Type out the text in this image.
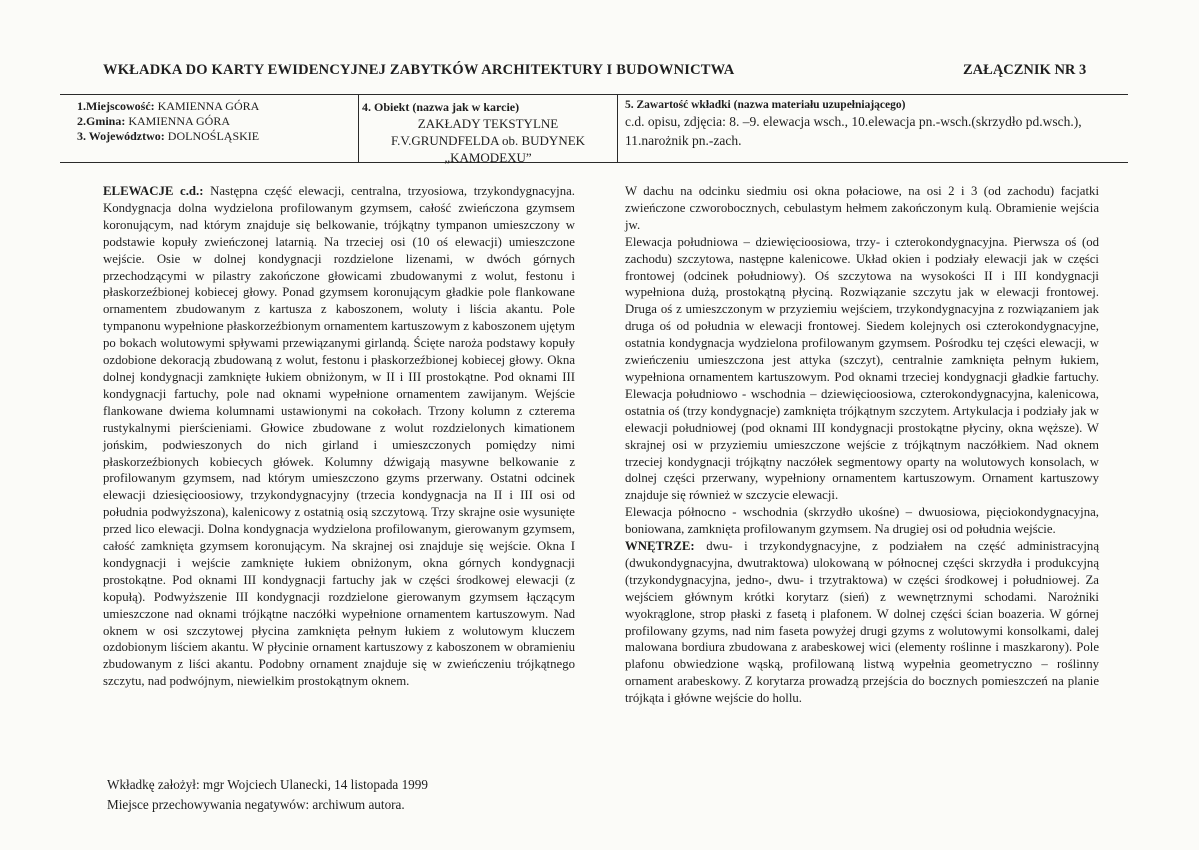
WKŁADKA DO KARTY EWIDENCYJNEJ ZABYTKÓW ARCHITEKTURY I BUDOWNICTWA	ZAŁĄCZNIK NR 3
1.Miejscowość: KAMIENNA GÓRA
2.Gmina: KAMIENNA GÓRA
3. Województwo: DOLNOŚLĄSKIE
4. Obiekt (nazwa jak w karcie)
ZAKŁADY TEKSTYLNE
F.V.GRUNDFELDA ob. BUDYNEK
„KAMODEXU”
5. Zawartość wkładki (nazwa materiału uzupełniającego)
c.d. opisu, zdjęcia: 8. –9. elewacja wsch., 10.elewacja pn.-wsch.(skrzydło pd.wsch.), 11.narożnik pn.-zach.

ELEWACJE c.d.: Następna część elewacji, centralna, trzyosiowa, trzykondygnacyjna. Kondygnacja dolna wydzielona profilowanym gzymsem, całość zwieńczona gzymsem koronującym, nad którym znajduje się belkowanie, trójkątny tympanon umieszczony w podstawie kopuły zwieńczonej latarnią. Na trzeciej osi (10 oś elewacji) umieszczone wejście. Osie w dolnej kondygnacji rozdzielone lizenami, w dwóch górnych przechodzącymi w pilastry zakończone głowicami zbudowanymi z wolut, festonu i płaskorzeźbionej kobiecej głowy. Ponad gzymsem koronującym gładkie pole flankowane ornamentem zbudowanym z kartusza z kaboszonem, woluty i liścia akantu. Pole tympanonu wypełnione płaskorzeźbionym ornamentem kartuszowym z kaboszonem ujętym po bokach wolutowymi spływami przewiązanymi girlandą. Ścięte naroża podstawy kopuły ozdobione dekoracją zbudowaną z wolut, festonu i płaskorzeźbionej kobiecej głowy. Okna dolnej kondygnacji zamknięte łukiem obniżonym, w II i III prostokątne. Pod oknami III kondygnacji fartuchy, pole nad oknami wypełnione ornamentem zawijanym. Wejście flankowane dwiema kolumnami ustawionymi na cokołach. Trzony kolumn z czterema rustykalnymi pierścieniami. Głowice zbudowane z wolut rozdzielonych kimationem jońskim, podwieszonych do nich girland i umieszczonych pomiędzy nimi płaskorzeźbionych kobiecych główek. Kolumny dźwigają masywne belkowanie z profilowanym gzymsem, nad którym umieszczono gzyms przerwany. Ostatni odcinek elewacji dziesięcioosiowy, trzykondygnacyjny (trzecia kondygnacja na II i III osi od południa podwyższona), kalenicowy z ostatnią osią szczytową. Trzy skrajne osie wysunięte przed lico elewacji. Dolna kondygnacja wydzielona profilowanym, gierowanym gzymsem, całość zamknięta gzymsem koronującym. Na skrajnej osi znajduje się wejście. Okna I kondygnacji i wejście zamknięte łukiem obniżonym, okna górnych kondygnacji prostokątne. Pod oknami III kondygnacji fartuchy jak w części środkowej elewacji (z kopułą). Podwyższenie III kondygnacji rozdzielone gierowanym gzymsem łączącym umieszczone nad oknami trójkątne naczółki wypełnione ornamentem kartuszowym. Nad oknem w osi szczytowej płycina zamknięta pełnym łukiem z wolutowym kluczem ozdobionym liściem akantu. W płycinie ornament kartuszowy z kaboszonem w obramieniu zbudowanym z liści akantu. Podobny ornament znajduje się w zwieńczeniu trójkątnego szczytu, nad podwójnym, niewielkim prostokątnym oknem.

W dachu na odcinku siedmiu osi okna połaciowe, na osi 2 i 3 (od zachodu) facjatki zwieńczone czworobocznych, cebulastym hełmem zakończonym kulą. Obramienie wejścia jw.

Elewacja południowa – dziewięcioosiowa, trzy- i czterokondygnacyjna. Pierwsza oś (od zachodu) szczytowa, następne kalenicowe. Układ okien i podziały elewacji jak w części frontowej (odcinek południowy). Oś szczytowa na wysokości II i III kondygnacji wypełniona dużą, prostokątną płyciną. Rozwiązanie szczytu jak w elewacji frontowej. Druga oś z umieszczonym w przyziemiu wejściem, trzykondygnacyjna z rozwiązaniem jak druga oś od południa w elewacji frontowej. Siedem kolejnych osi czterokondygnacyjne, ostatnia kondygnacja wydzielona profilowanym gzymsem. Pośrodku tej części elewacji, w zwieńczeniu umieszczona jest attyka (szczyt), centralnie zamknięta pełnym łukiem, wypełniona ornamentem kartuszowym. Pod oknami trzeciej kondygnacji gładkie fartuchy. Elewacja południowo - wschodnia – dziewięcioosiowa, czterokondygnacyjna, kalenicowa, ostatnia oś (trzy kondygnacje) zamknięta trójkątnym szczytem. Artykulacja i podziały jak w elewacji południowej (pod oknami III kondygnacji prostokątne płyciny, okna węższe). W skrajnej osi w przyziemiu umieszczone wejście z trójkątnym naczółkiem. Nad oknem trzeciej kondygnacji trójkątny naczółek segmentowy oparty na wolutowych konsolach, w dolnej części przerwany, wypełniony ornamentem kartuszowym. Ornament kartuszowy znajduje się również w szczycie elewacji.

Elewacja północno - wschodnia (skrzydło ukośne) – dwuosiowa, pięciokondygnacyjna, boniowana, zamknięta profilowanym gzymsem. Na drugiej osi od południa wejście.

WNĘTRZE: dwu- i trzykondygnacyjne, z podziałem na część administracyjną (dwukondygnacyjna, dwutraktowa) ulokowaną w północnej części skrzydła i produkcyjną (trzykondygnacyjna, jedno-, dwu- i trzytraktowa) w części środkowej i południowej. Za wejściem głównym krótki korytarz (sień) z wewnętrznymi schodami. Narożniki wyokrąglone, strop płaski z fasetą i plafonem. W dolnej części ścian boazeria. W górnej profilowany gzyms, nad nim faseta powyżej drugi gzyms z wolutowymi konsolkami, dalej malowana bordiura zbudowana z arabeskowej wici (elementy roślinne i maszkarony). Pole plafonu obwiedzione wąską, profilowaną listwą wypełnia geometryczno – roślinny ornament arabeskowy. Z korytarza prowadzą przejścia do bocznych pomieszczeń na planie trójkąta i główne wejście do hollu.

Wkładkę założył: mgr Wojciech Ulanecki, 14 listopada 1999
Miejsce przechowywania negatywów: archiwum autora.
